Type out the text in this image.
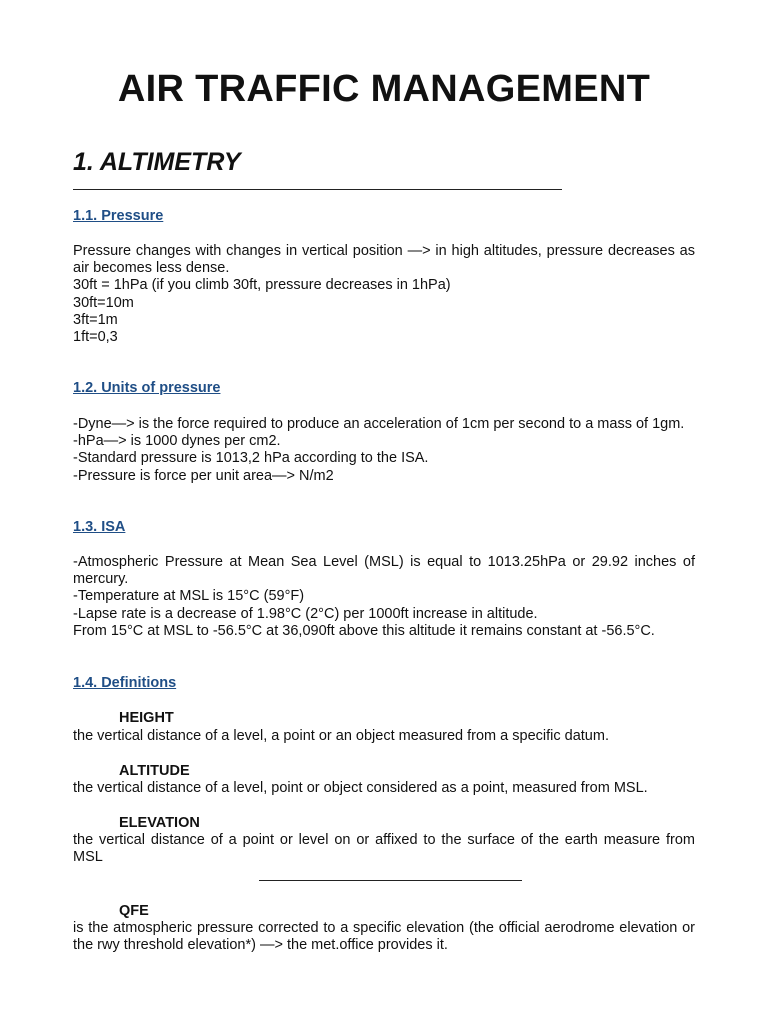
AIR TRAFFIC MANAGEMENT
1. ALTIMETRY
1.1. Pressure

Pressure changes with changes in vertical position —> in high altitudes, pressure decreases as air becomes less dense.

30ft = 1hPa (if you climb 30ft, pressure decreases in 1hPa)
30ft=10m
3ft=1m
1ft=0,3
1.2. Units of pressure

-Dyne—> is the force required to produce an acceleration of 1cm per second to a mass of 1gm.

-hPa—> is 1000 dynes per cm2.
-Standard pressure is 1013,2 hPa according to the ISA.
-Pressure is force per unit area—> N/m2
1.3. ISA

-Atmospheric Pressure at Mean Sea Level (MSL) is equal to 1013.25hPa or 29.92 inches of mercury.

-Temperature at MSL is 15°C (59°F)
-Lapse rate is a decrease of 1.98°C (2°C) per 1000ft increase in altitude.

From 15°C at MSL to -56.5°C at 36,090ft above this altitude it remains constant at -56.5°C.

1.4. Definitions
HEIGHT

the vertical distance of a level, a point or an object measured from a specific datum.

ALTITUDE

the vertical distance of a level, point or object considered as a point, measured from MSL.

ELEVATION

the vertical distance of a point or level on or affixed to the surface of the earth measure from MSL

QFE

is the atmospheric pressure corrected to a specific elevation (the official aerodrome elevation or the rwy threshold elevation*) —> the met.office provides it.
